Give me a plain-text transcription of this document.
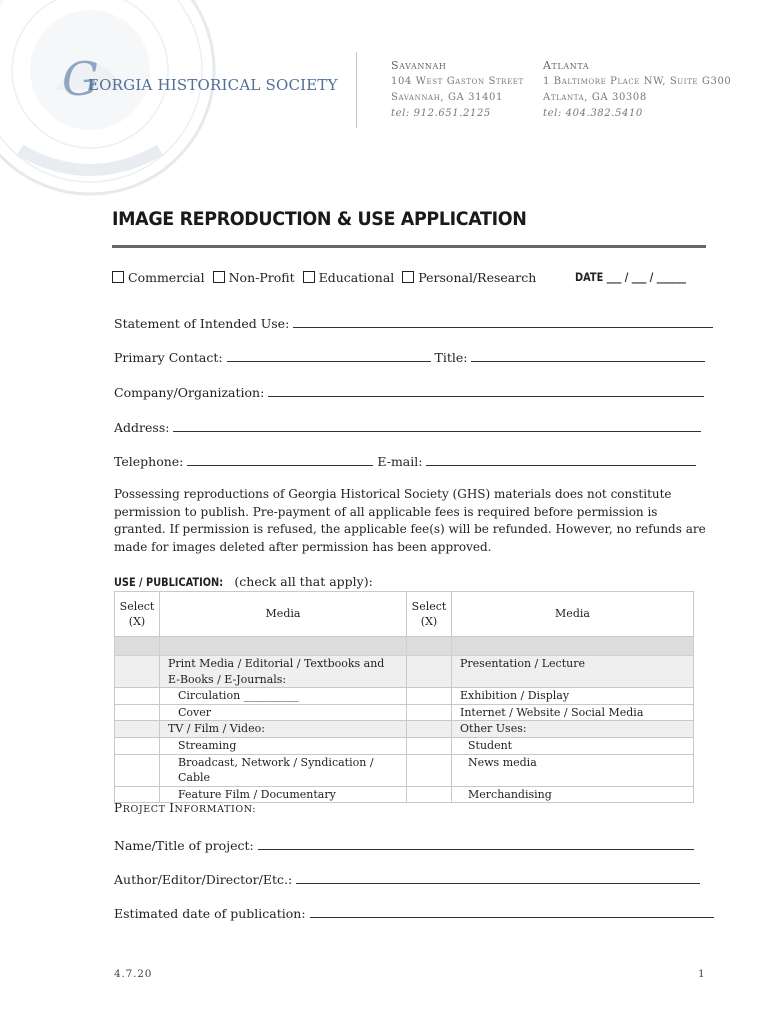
G
EORGIA HISTORICAL SOCIETY
Savannah
104 West Gaston Street
Savannah, GA 31401
tel: 912.651.2125
Atlanta
1 Baltimore Place NW, Suite G300
Atlanta, GA 30308
tel: 404.382.5410
IMAGE REPRODUCTION & USE APPLICATION
Commercial Non-Profit Educational Personal/Research	DATE ___ / ___ / ______
Statement of Intended Use:
Primary Contact:	Title:
Company/Organization:
Address:
Telephone:	E-mail:
Possessing reproductions of Georgia Historical Society (GHS) materials does not constitute permission to publish. Pre-payment of all applicable fees is required before permission is granted. If permission is refused, the applicable fee(s) will be refunded. However, no refunds are made for images deleted after permission has been approved.
USE / PUBLICATION: (check all that apply):
Select (X)	Media	Select (X)	Media

	Print Media / Editorial / Textbooks and E-Books / E-Journals:		Presentation / Lecture
	Circulation __________		Exhibition / Display
	Cover		Internet / Website / Social Media
	TV / Film / Video:		Other Uses:
	Streaming		Student
	Broadcast, Network / Syndication / Cable		News media
	Feature Film / Documentary		Merchandising
PROJECT INFORMATION:
Name/Title of project:
Author/Editor/Director/Etc.:
Estimated date of publication:
4.7.20	1
